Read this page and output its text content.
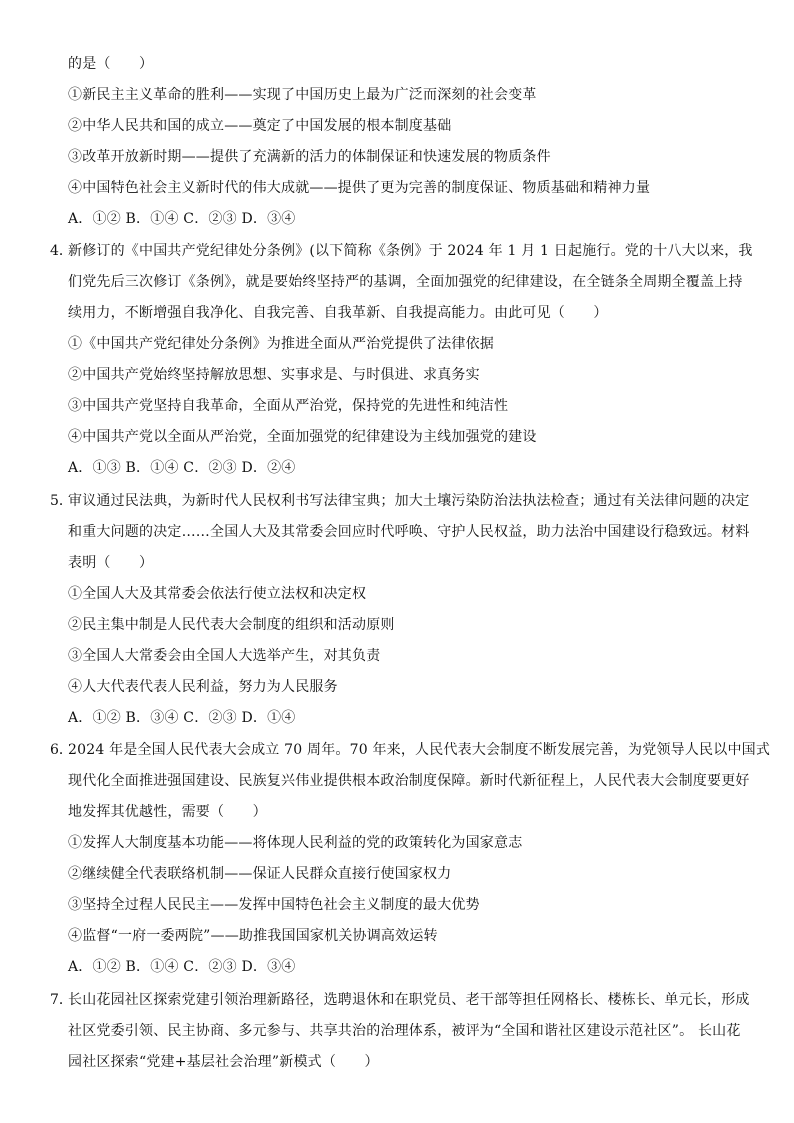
的是（　　）
①新民主主义革命的胜利——实现了中国历史上最为广泛而深刻的社会变革
②中华人民共和国的成立——奠定了中国发展的根本制度基础
③改革开放新时期——提供了充满新的活力的体制保证和快速发展的物质条件
④中国特色社会主义新时代的伟大成就——提供了更为完善的制度保证、物质基础和精神力量
A．①② B．①④ C．②③ D．③④
4．
新修订的《中国共产党纪律处分条例》(以下简称《条例》于 2024 年 1 月 1 日起施行。党的十八大以来，我
们党先后三次修订《条例》，就是要始终坚持严的基调，全面加强党的纪律建设，在全链条全周期全覆盖上持
续用力，不断增强自我净化、自我完善、自我革新、自我提高能力。由此可见（　　）
①《中国共产党纪律处分条例》为推进全面从严治党提供了法律依据
②中国共产党始终坚持解放思想、实事求是、与时俱进、求真务实
③中国共产党坚持自我革命，全面从严治党，保持党的先进性和纯洁性
④中国共产党以全面从严治党，全面加强党的纪律建设为主线加强党的建设
A．①③ B．①④ C．②③ D．②④
5．
审议通过民法典，为新时代人民权利书写法律宝典；加大土壤污染防治法执法检查；通过有关法律问题的决定
和重大问题的决定……全国人大及其常委会回应时代呼唤、守护人民权益，助力法治中国建设行稳致远。材料
表明（　　）
①全国人大及其常委会依法行使立法权和决定权
②民主集中制是人民代表大会制度的组织和活动原则
③全国人大常委会由全国人大选举产生，对其负责
④人大代表代表人民利益，努力为人民服务
A．①② B．③④ C．②③ D．①④
6．
2024 年是全国人民代表大会成立 70 周年。70 年来，人民代表大会制度不断发展完善，为党领导人民以中国式
现代化全面推进强国建设、民族复兴伟业提供根本政治制度保障。新时代新征程上，人民代表大会制度要更好
地发挥其优越性，需要（　　）
①发挥人大制度基本功能——将体现人民利益的党的政策转化为国家意志
②继续健全代表联络机制——保证人民群众直接行使国家权力
③坚持全过程人民民主——发挥中国特色社会主义制度的最大优势
④监督“一府一委两院”——助推我国国家机关协调高效运转
A．①② B．①④ C．②③ D．③④
7．
长山花园社区探索党建引领治理新路径，选聘退休和在职党员、老干部等担任网格长、楼栋长、单元长，形成
社区党委引领、民主协商、多元参与、共享共治的治理体系，被评为“全国和谐社区建设示范社区”。 长山花
园社区探索“党建+基层社会治理”新模式（　　）
